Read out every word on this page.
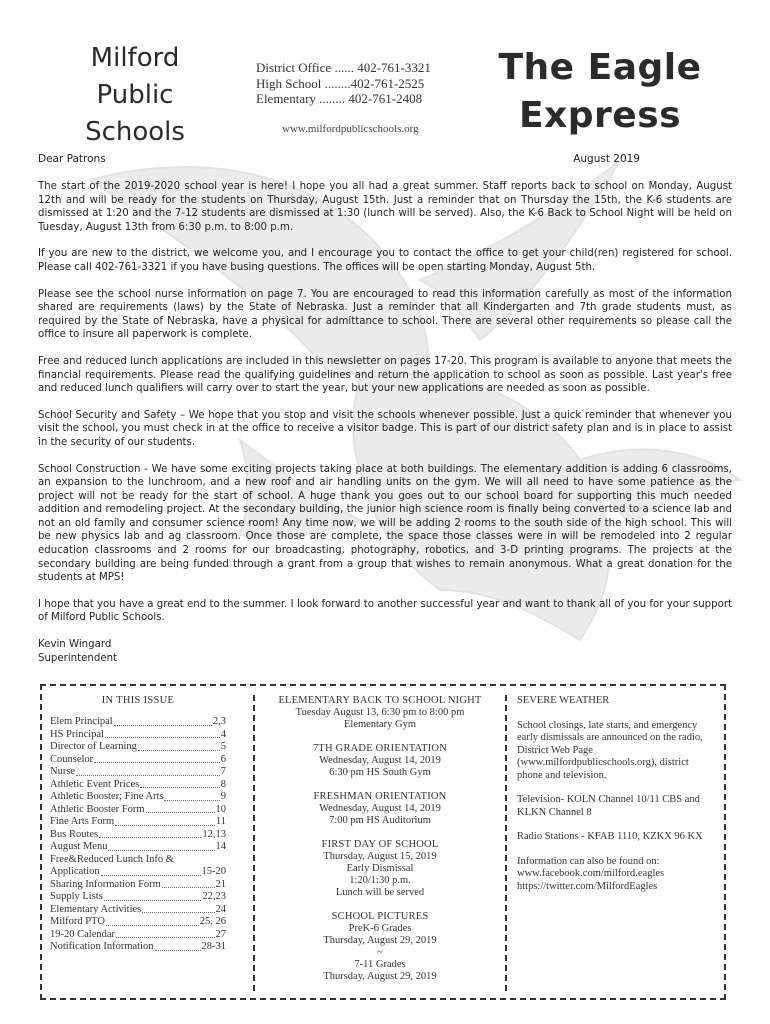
Milford
Public
Schools
District Office ...... 402-761-3321
High School ........402-761-2525
Elementary ........ 402-761-2408
www.milfordpublicschools.org
The Eagle
Express
Dear Patrons	August 2019

The start of the 2019-2020 school year is here! I hope you all had a great summer. Staff reports back to school on Monday, August 12th and will be ready for the students on Thursday, August 15th. Just a reminder that on Thursday the 15th, the K-6 students are dismissed at 1:20 and the 7-12 students are dismissed at 1:30 (lunch will be served). Also, the K-6 Back to School Night will be held on Tuesday, August 13th from 6:30 p.m. to 8:00 p.m.

If you are new to the district, we welcome you, and I encourage you to contact the office to get your child(ren) registered for school. Please call 402-761-3321 if you have busing questions. The offices will be open starting Monday, August 5th.

Please see the school nurse information on page 7. You are encouraged to read this information carefully as most of the information shared are requirements (laws) by the State of Nebraska. Just a reminder that all Kindergarten and 7th grade students must, as required by the State of Nebraska, have a physical for admittance to school. There are several other requirements so please call the office to insure all paperwork is complete.

Free and reduced lunch applications are included in this newsletter on pages 17-20. This program is available to anyone that meets the financial requirements. Please read the qualifying guidelines and return the application to school as soon as possible. Last year's free and reduced lunch qualifiers will carry over to start the year, but your new applications are needed as soon as possible.

School Security and Safety – We hope that you stop and visit the schools whenever possible. Just a quick reminder that whenever you visit the school, you must check in at the office to receive a visitor badge. This is part of our district safety plan and is in place to assist in the security of our students.

School Construction - We have some exciting projects taking place at both buildings. The elementary addition is adding 6 classrooms, an expansion to the lunchroom, and a new roof and air handling units on the gym. We will all need to have some patience as the project will not be ready for the start of school. A huge thank you goes out to our school board for supporting this much needed addition and remodeling project. At the secondary building, the junior high science room is finally being converted to a science lab and not an old family and consumer science room! Any time now, we will be adding 2 rooms to the south side of the high school. This will be new physics lab and ag classroom. Once those are complete, the space those classes were in will be remodeled into 2 regular education classrooms and 2 rooms for our broadcasting, photography, robotics, and 3-D printing programs. The projects at the secondary building are being funded through a grant from a group that wishes to remain anonymous. What a great donation for the students at MPS!

I hope that you have a great end to the summer. I look forward to another successful year and want to thank all of you for your support of Milford Public Schools.

Kevin Wingard
Superintendent
IN THIS ISSUE
Elem Principal	2,3
HS Principal	4
Director of Learning	5
Counselor	6
Nurse	7
Athletic Event Prices	8
Athletic Booster; Fine Arts	9
Athletic Booster Form	10
Fine Arts Form	11
Bus Routes	12,13
August Menu	14
Free&Reduced Lunch Info &
Application	15-20
Sharing Information Form	21
Supply Lists	22,23
Elementary Activities	24
Milford PTO	25, 26
19-20 Calendar	27
Notification Information	28-31
ELEMENTARY BACK TO SCHOOL NIGHT
Tuesday August 13, 6:30 pm to 8:00 pm
Elementary Gym
7TH GRADE ORIENTATION
Wednesday, August 14, 2019
6:30 pm HS South Gym
FRESHMAN ORIENTATION
Wednesday, August 14, 2019
7:00 pm HS Auditorium
FIRST DAY OF SCHOOL
Thursday, August 15, 2019
Early Dismissal
1:20/1:30 p.m.
Lunch will be served
SCHOOL PICTURES
PreK-6 Grades
Thursday, August 29, 2019
~
7-11 Grades
Thursday, August 29, 2019
SEVERE WEATHER

School closings, late starts, and emergency early dismissals are announced on the radio, District Web Page (www.milfordpublicschools.org), district phone and television.

Television- KOLN Channel 10/11 CBS and KLKN Channel 8

Radio Stations - KFAB 1110, KZKX 96 KX

Information can also be found on:
www.facebook.com/milford.eagles
https://twitter.com/MilfordEagles
